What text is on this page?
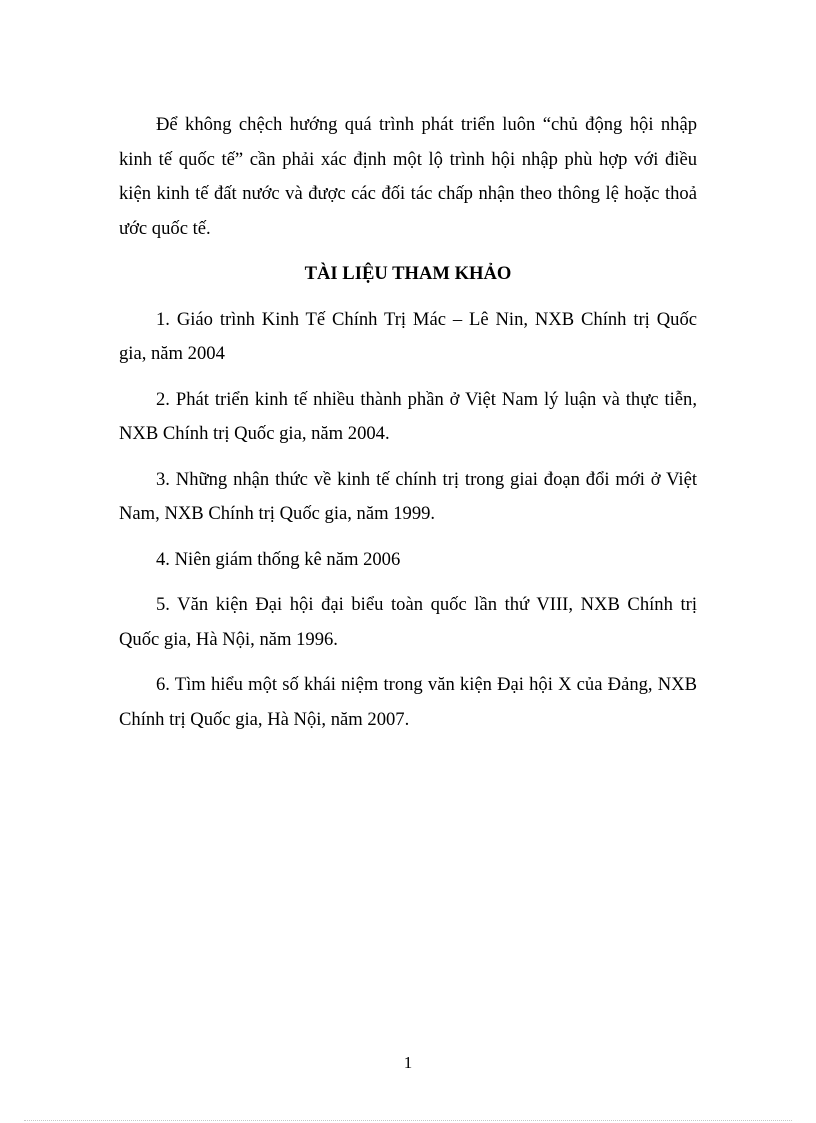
Để không chệch hướng quá trình phát triển luôn “chủ động hội nhập kinh tế quốc tế” cần phải xác định một lộ trình hội nhập phù hợp với điều kiện kinh tế đất nước và được các đối tác chấp nhận theo thông lệ hoặc thoả ước quốc tế.

TÀI LIỆU THAM KHẢO

1. Giáo trình Kinh Tế Chính Trị Mác – Lê Nin, NXB Chính trị Quốc gia, năm 2004

2. Phát triển kinh tế nhiều thành phần ở Việt Nam lý luận và thực tiễn, NXB Chính trị Quốc gia, năm 2004.

3. Những nhận thức về kinh tế chính trị trong giai đoạn đổi mới ở Việt Nam, NXB Chính trị Quốc gia, năm 1999.

4. Niên giám thống kê năm 2006

5. Văn kiện Đại hội đại biểu toàn quốc lần thứ VIII, NXB Chính trị Quốc gia, Hà Nội, năm 1996.

6. Tìm hiểu một số khái niệm trong văn kiện Đại hội X của Đảng, NXB Chính trị Quốc gia, Hà Nội, năm 2007.

1
